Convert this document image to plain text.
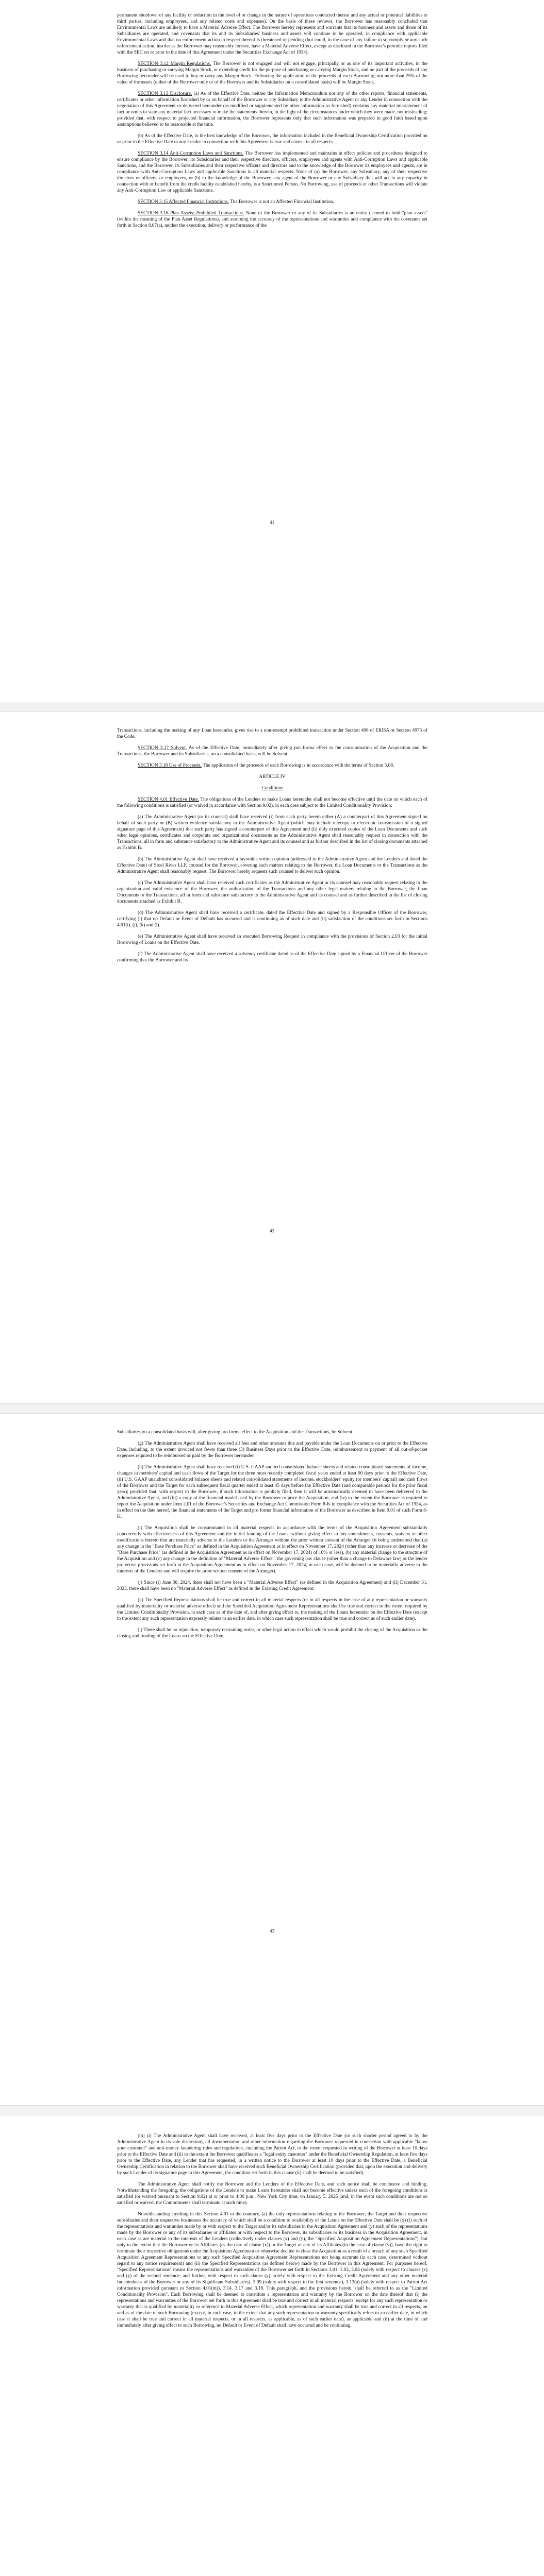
permanent shutdown of any facility or reduction in the level of or change in the nature of operations conducted thereat and any actual or potential liabilities to third parties, including employees, and any related costs and expenses). On the basis of these reviews, the Borrower has reasonably concluded that Environmental Laws are unlikely to have a Material Adverse Effect. The Borrower hereby represents and warrants that its business and assets and those of its Subsidiaries are operated, and covenants that its and its Subsidiaries' business and assets will continue to be operated, in compliance with applicable Environmental Laws and that no enforcement action in respect thereof is threatened or pending (but could, in the case of any failure to so comply or any such enforcement action, insofar as the Borrower may reasonably foresee, have a Material Adverse Effect, except as disclosed in the Borrower's periodic reports filed with the SEC on or prior to the date of this Agreement under the Securities Exchange Act of 1934).

SECTION 3.12 Margin Regulations. The Borrower is not engaged and will not engage, principally or as one of its important activities, in the business of purchasing or carrying Margin Stock, or extending credit for the purpose of purchasing or carrying Margin Stock, and no part of the proceeds of any Borrowing hereunder will be used to buy or carry any Margin Stock. Following the application of the proceeds of each Borrowing, not more than 25% of the value of the assets (either of the Borrower only or of the Borrower and its Subsidiaries on a consolidated basis) will be Margin Stock.

SECTION 3.13 Disclosure. (a) As of the Effective Date, neither the Information Memorandum nor any of the other reports, financial statements, certificates or other information furnished by or on behalf of the Borrower or any Subsidiary to the Administrative Agent or any Lender in connection with the negotiation of this Agreement or delivered hereunder (as modified or supplemented by other information so furnished) contains any material misstatement of fact or omits to state any material fact necessary to make the statements therein, in the light of the circumstances under which they were made, not misleading; provided that, with respect to projected financial information, the Borrower represents only that such information was prepared in good faith based upon assumptions believed to be reasonable at the time.

(b) As of the Effective Date, to the best knowledge of the Borrower, the information included in the Beneficial Ownership Certification provided on or prior to the Effective Date to any Lender in connection with this Agreement is true and correct in all respects.

SECTION 3.14 Anti-Corruption Laws and Sanctions. The Borrower has implemented and maintains in effect policies and procedures designed to ensure compliance by the Borrower, its Subsidiaries and their respective directors, officers, employees and agents with Anti-Corruption Laws and applicable Sanctions, and the Borrower, its Subsidiaries and their respective officers and directors and to the knowledge of the Borrower its employees and agents, are in compliance with Anti-Corruption Laws and applicable Sanctions in all material respects. None of (a) the Borrower, any Subsidiary, any of their respective directors or officers, or employees, or (b) to the knowledge of the Borrower, any agent of the Borrower or any Subsidiary that will act in any capacity in connection with or benefit from the credit facility established hereby, is a Sanctioned Person. No Borrowing, use of proceeds or other Transactions will violate any Anti-Corruption Law or applicable Sanctions.

SECTION 3.15 Affected Financial Institutions. The Borrower is not an Affected Financial Institution.

SECTION 3.16 Plan Assets; Prohibited Transactions. None of the Borrower or any of its Subsidiaries is an entity deemed to hold "plan assets" (within the meaning of the Plan Asset Regulations), and assuming the accuracy of the representations and warranties and compliance with the covenants set forth in Section 8.07(a), neither the execution, delivery or performance of the

41

Transactions, including the making of any Loan hereunder, gives rise to a non-exempt prohibited transaction under Section 406 of ERISA or Section 4975 of the Code.

SECTION 3.17 Solvent. As of the Effective Date, immediately after giving pro forma effect to the consummation of the Acquisition and the Transactions, the Borrower and its Subsidiaries, on a consolidated basis, will be Solvent.

SECTION 3.18 Use of Proceeds. The application of the proceeds of each Borrowing is in accordance with the terms of Section 5.08.

ARTICLE IV

Conditions

SECTION 4.01 Effective Date. The obligations of the Lenders to make Loans hereunder shall not become effective until the date on which each of the following conditions is satisfied (or waived in accordance with Section 9.02), in each case subject to the Limited Conditionality Provision:

(a) The Administrative Agent (or its counsel) shall have received (i) from each party hereto either (A) a counterpart of this Agreement signed on behalf of such party or (B) written evidence satisfactory to the Administrative Agent (which may include telecopy or electronic transmission of a signed signature page of this Agreement) that such party has signed a counterpart of this Agreement and (ii) duly executed copies of the Loan Documents and such other legal opinions, certificates and corporate and organizational documents as the Administrative Agent shall reasonably request in connection with the Transactions, all in form and substance satisfactory to the Administrative Agent and its counsel and as further described in the list of closing documents attached as Exhibit B.

(b) The Administrative Agent shall have received a favorable written opinion (addressed to the Administrative Agent and the Lenders and dated the Effective Date) of Stoel Rives LLP, counsel for the Borrower, covering such matters relating to the Borrower, the Loan Documents or the Transactions as the Administrative Agent shall reasonably request. The Borrower hereby requests such counsel to deliver such opinion.

(c) The Administrative Agent shall have received such certificates as the Administrative Agent or its counsel may reasonably request relating to the organization and valid existence of the Borrower, the authorization of the Transactions and any other legal matters relating to the Borrower, the Loan Documents or the Transactions, all in form and substance satisfactory to the Administrative Agent and its counsel and as further described in the list of closing documents attached as Exhibit B.

(d) The Administrative Agent shall have received a certificate, dated the Effective Date and signed by a Responsible Officer of the Borrower, certifying (i) that no Default or Event of Default has occurred and is continuing as of such date and (ii) satisfaction of the conditions set forth in Sections 4.01(i), (j), (k) and (l).

(e) The Administrative Agent shall have received an executed Borrowing Request in compliance with the provisions of Section 2.03 for the initial Borrowing of Loans on the Effective Date.

(f) The Administrative Agent shall have received a solvency certificate dated as of the Effective Date signed by a Financial Officer of the Borrower confirming that the Borrower and its

42

Subsidiaries on a consolidated basis will, after giving pro forma effect to the Acquisition and the Transactions, be Solvent.

(g) The Administrative Agent shall have received all fees and other amounts due and payable under the Loan Documents on or prior to the Effective Date, including, to the extent invoiced not fewer than three (3) Business Days prior to the Effective Date, reimbursement or payment of all out-of-pocket expenses required to be reimbursed or paid by the Borrower hereunder.

(h) The Administrative Agent shall have received (i) U.S. GAAP audited consolidated balance sheets and related consolidated statements of income, changes in members' capital and cash flows of the Target for the three most recently completed fiscal years ended at least 90 days prior to the Effective Date, (ii) U.S. GAAP unaudited consolidated balance sheets and related consolidated statements of income, stockholders' equity (or members' capital) and cash flows of the Borrower and the Target for each subsequent fiscal quarter ended at least 45 days before the Effective Date (and comparable periods for the prior fiscal year); provided that, with respect to the Borrower, if such information is publicly filed, then it will be automatically deemed to have been delivered to the Administrative Agent, and (iii) a copy of the financial model used by the Borrower to price the Acquisition, and (iv) to the extent the Borrower is required to report the Acquisition under Item 2.01 of the Borrower's Securities and Exchange Act Commission Form 8-K in compliance with the Securities Act of 1934, as in effect on the date hereof, the financial statements of the Target and pro forma financial information of the Borrower as described in Item 9.01 of such Form 8-K.

(i) The Acquisition shall be consummated in all material respects in accordance with the terms of the Acquisition Agreement substantially concurrently with effectiveness of this Agreement and the initial funding of the Loans, without giving effect to any amendments, consents, waivers or other modifications thereto that are materially adverse to the Lenders or the Arranger without the prior written consent of the Arranger (it being understood that (a) any change in the "Base Purchase Price" as defined in the Acquisition Agreement as in effect on November 17, 2024 (other than any increase or decrease of the "Base Purchase Price" (as defined in the Acquisition Agreement as in effect on November 17, 2024) of 10% or less), (b) any material change to the structure of the Acquisition and (c) any change in the definition of "Material Adverse Effect", the governing law clause (other than a change to Delaware law) or the lender protective provisions set forth in the Acquisition Agreement as in effect on November 17, 2024, in each case, will be deemed to be materially adverse to the interests of the Lenders and will require the prior written consent of the Arranger).

(j) Since (i) June 30, 2024, there shall not have been a "Material Adverse Effect" (as defined in the Acquisition Agreement) and (ii) December 31, 2023, there shall have been no "Material Adverse Effect" as defined in the Existing Credit Agreement.

(k) The Specified Representations shall be true and correct in all material respects (or in all respects in the case of any representation or warranty qualified by materiality or material adverse effect) and the Specified Acquisition Agreement Representations shall be true and correct to the extent required by the Limited Conditionality Provision, in each case as of the date of, and after giving effect to, the making of the Loans hereunder on the Effective Date (except to the extent any such representation expressly relates to an earlier date, in which case such representation shall be true and correct as of such earlier date).

(l) There shall be no injunction, temporary restraining order, or other legal action in effect which would prohibit the closing of the Acquisition or the closing and funding of the Loans on the Effective Date.

43

(m) (i) The Administrative Agent shall have received, at least five days prior to the Effective Date (or such shorter period agreed to by the Administrative Agent in its sole discretion), all documentation and other information regarding the Borrower requested in connection with applicable "know your customer" and anti-money laundering rules and regulations, including the Patriot Act, to the extent requested in writing of the Borrower at least 10 days prior to the Effective Date and (ii) to the extent the Borrower qualifies as a "legal entity customer" under the Beneficial Ownership Regulation, at least five days prior to the Effective Date, any Lender that has requested, in a written notice to the Borrower at least 10 days prior to the Effective Date, a Beneficial Ownership Certification in relation to the Borrower shall have received such Beneficial Ownership Certification (provided that, upon the execution and delivery by such Lender of its signature page to this Agreement, the condition set forth in this clause (ii) shall be deemed to be satisfied).

The Administrative Agent shall notify the Borrower and the Lenders of the Effective Date, and such notice shall be conclusive and binding. Notwithstanding the foregoing, the obligations of the Lenders to make Loans hereunder shall not become effective unless each of the foregoing conditions is satisfied (or waived pursuant to Section 9.02) at or prior to 4:00 p.m., New York City time, on January 5, 2025 (and, in the event such conditions are not so satisfied or waived, the Commitments shall terminate at such time).

Notwithstanding anything in this Section 4.01 to the contrary, (a) the only representations relating to the Borrower, the Target and their respective subsidiaries and their respective businesses the accuracy of which shall be a condition to availability of the Loans on the Effective Date shall be (x) (i) such of the representations and warranties made by or with respect to the Target and/or its subsidiaries in the Acquisition Agreement and (y) such of the representations made by the Borrower or any of its subsidiaries or affiliates or with respect to the Borrower, its subsidiaries or its business in the Acquisition Agreement, in each case as are material to the interests of the Lenders (collectively under clauses (x) and (y), the "Specified Acquisition Agreement Representations"), but only to the extent that the Borrower or its Affiliates (as the case of clause (x)) or the Target or any of its Affiliates (in the case of clause (y)), have the right to terminate their respective obligations under the Acquisition Agreement or otherwise decline to close the Acquisition as a result of a breach of any such Specified Acquisition Agreement Representations or any such Specified Acquisition Agreement Representations not being accurate (in each case, determined without regard to any notice requirement) and (ii) the Specified Representations (as defined below) made by the Borrower in this Agreement. For purposes hereof, "Specified Representations" means the representations and warranties of the Borrower set forth in Sections 3.01, 3.02, 3.04 (solely with respect to clauses (x) and (y) of the second sentence; and further, with respect to such clause (y), solely with respect to the Existing Credit Agreement and any other material Indebtedness of the Borrower or any of its Significant Subsidiaries), 3.09 (solely with respect to the first sentence), 3.13(a) (solely with respect to Patriot Act information provided pursuant to Section 4.01(m)), 3.14, 3.17 and 3.18. This paragraph, and the provisions herein, shall be referred to as the "Limited Conditionality Provision". Each Borrowing shall be deemed to constitute a representation and warranty by the Borrower on the date thereof that (i) the representations and warranties of the Borrower set forth in this Agreement shall be true and correct in all material respects, except for any such representation or warranty that is qualified by materiality or reference to Material Adverse Effect, which representation and warranty shall be true and correct in all respects, on and as of the date of such Borrowing (except, in each case, to the extent that any such representation or warranty specifically refers to an earlier date, in which case it shall be true and correct in all material respects, or in all respects, as applicable, as of such earlier date), as applicable and (ii) at the time of and immediately after giving effect to such Borrowing, no Default or Event of Default shall have occurred and be continuing.
